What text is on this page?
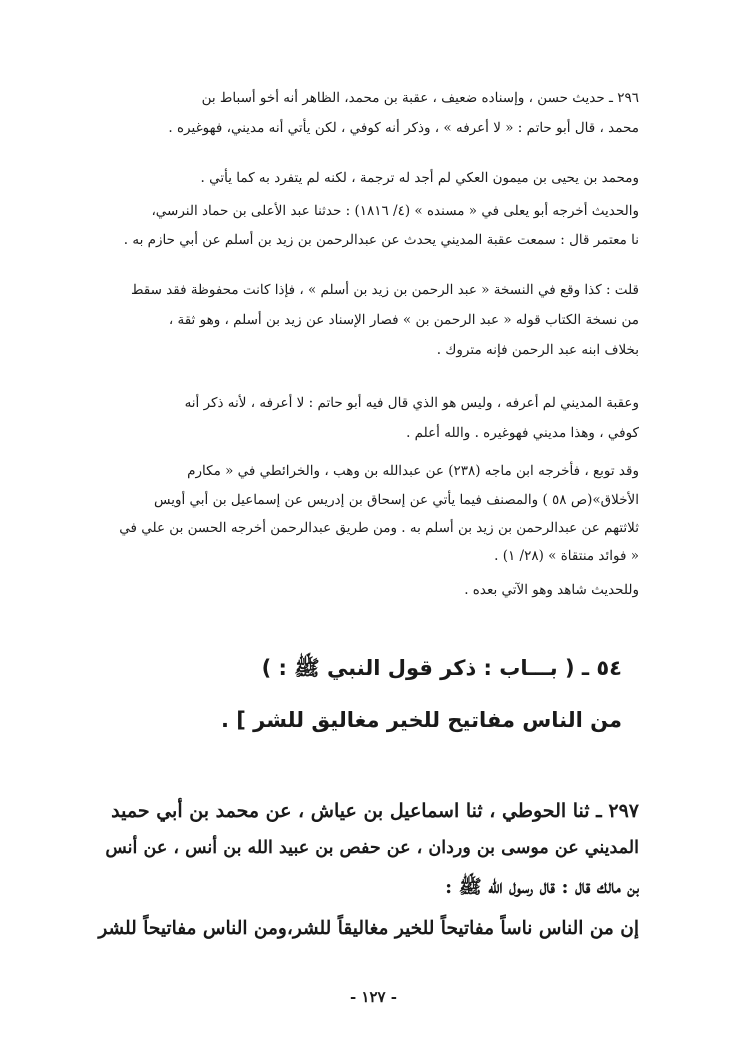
٢٩٦ ـ حديث حسن ، وإسناده ضعيف ، عقبة بن محمد، الظاهر أنه أخو أسباط بن
محمد ، قال أبو حاتم : « لا أعرفه » ، وذكر أنه كوفي ، لكن يأتي أنه مديني، فهوغيره .
ومحمد بن يحيى بن ميمون العكي لم أجد له ترجمة ، لكنه لم يتفرد به كما يأتي .
والحديث أخرجه أبو يعلى في « مسنده » (٤/ ١٨١٦) : حدثنا عبد الأعلى بن حماد النرسي،
نا معتمر قال : سمعت عقبة المديني يحدث عن عبدالرحمن بن زيد بن أسلم عن أبي حازم به .
قلت : كذا وقع في النسخة « عبد الرحمن بن زيد بن أسلم » ، فإذا كانت محفوظة فقد سقط
من نسخة الكتاب قوله « عبد الرحمن بن » فصار الإسناد عن زيد بن أسلم ، وهو ثقة ،
بخلاف ابنه عبد الرحمن فإنه متروك .
وعقبة المديني لم أعرفه ، وليس هو الذي قال فيه أبو حاتم : لا أعرفه ، لأنه ذكر أنه
كوفي ، وهذا مديني فهوغيره . والله أعلم .
وقد توبع ، فأخرجه ابن ماجه (٢٣٨) عن عبدالله بن وهب ، والخرائطي في « مكارم
الأخلاق»(ص ٥٨ ) والمصنف فيما يأتي عن إسحاق بن إدريس عن إسماعيل بن أبي أويس
ثلاثتهم عن عبدالرحمن بن زيد بن أسلم به . ومن طريق عبدالرحمن أخرجه الحسن بن علي في
« فوائد منتقاة » (٢٨/ ١) .
وللحديث شاهد وهو الآتي بعده .
٥٤ ـ ( بـــاب : ذكر قول النبي ﷺ : )
من الناس مفاتيح للخير مغاليق للشر ] .
٢٩٧ ـ ثنا الحوطي ، ثنا اسماعيل بن عياش ، عن محمد بن أبي حميد
المديني عن موسى بن وردان ، عن حفص بن عبيد الله بن أنس ، عن أنس
بن مالك قال : قال رسول الله ﷺ :
إن من الناس ناساً مفاتيحاً للخير مغاليقاً للشر،ومن الناس مفاتيحاً للشر
- ١٢٧ -
